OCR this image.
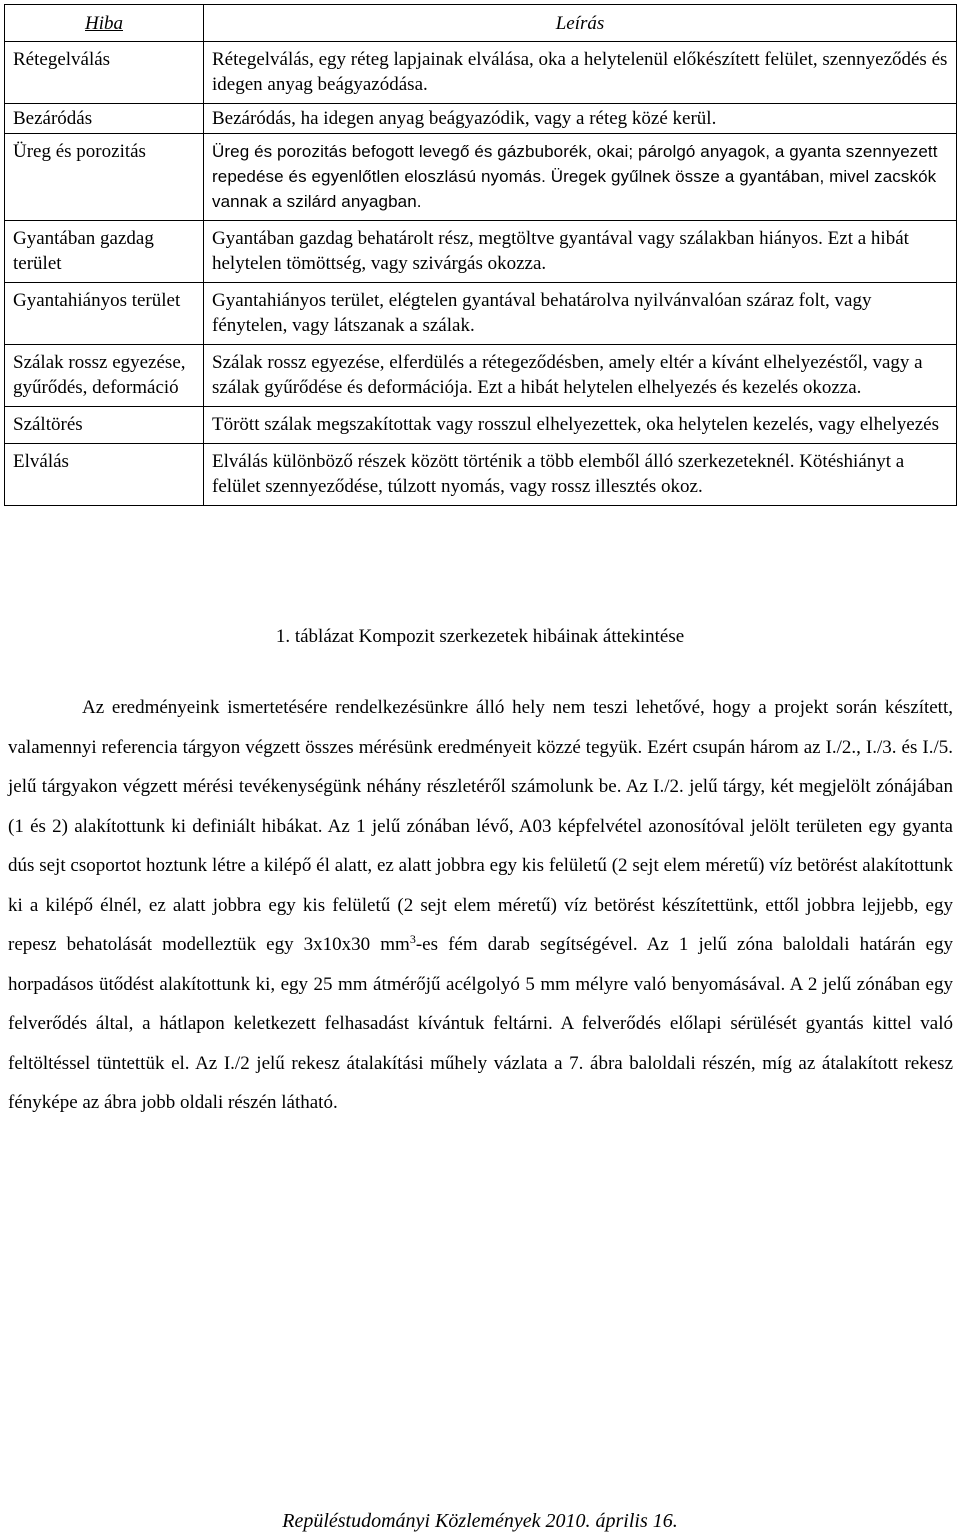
Hiba	Leírás
Rétegelválás	Rétegelválás, egy réteg lapjainak elválása, oka a helytelenül előkészített felület, szennyeződés és idegen anyag beágyazódása.
Bezáródás	Bezáródás, ha idegen anyag beágyazódik, vagy a réteg közé kerül.
Üreg és porozitás	Üreg és porozitás befogott levegő és gázbuborék, okai; párolgó anyagok, a gyanta szennyezett repedése és egyenlőtlen eloszlású nyomás. Üregek gyűlnek össze a gyantában, mivel zacskók vannak a szilárd anyagban.
Gyantában gazdag terület	Gyantában gazdag behatárolt rész, megtöltve gyantával vagy szálakban hiányos. Ezt a hibát helytelen tömöttség, vagy szivárgás okozza.
Gyantahiányos terület	Gyantahiányos terület, elégtelen gyantával behatárolva nyilvánvalóan száraz folt, vagy fénytelen, vagy látszanak a szálak.
Szálak rossz egyezése, gyűrődés, deformáció	Szálak rossz egyezése, elferdülés a rétegeződésben, amely eltér a kívánt elhelyezéstől, vagy a szálak gyűrődése és deformációja. Ezt a hibát helytelen elhelyezés és kezelés okozza.
Száltörés	Törött szálak megszakítottak vagy rosszul elhelyezettek, oka helytelen kezelés, vagy elhelyezés
Elválás	Elválás különböző részek között történik a több elemből álló szerkezeteknél. Kötéshiányt a felület szennyeződése, túlzott nyomás, vagy rossz illesztés okoz.
1. táblázat Kompozit szerkezetek hibáinak áttekintése

Az eredményeink ismertetésére rendelkezésünkre álló hely nem teszi lehetővé, hogy a projekt során készített, valamennyi referencia tárgyon végzett összes mérésünk eredményeit közzé tegyük. Ezért csupán három az I./2., I./3. és I./5. jelű tárgyakon végzett mérési tevékenységünk néhány részletéről számolunk be. Az I./2. jelű tárgy, két megjelölt zónájában (1 és 2) alakítottunk ki definiált hibákat. Az 1 jelű zónában lévő, A03 képfelvétel azonosítóval jelölt területen egy gyanta dús sejt csoportot hoztunk létre a kilépő él alatt, ez alatt jobbra egy kis felületű (2 sejt elem méretű) víz betörést alakítottunk ki a kilépő élnél, ez alatt jobbra egy kis felületű (2 sejt elem méretű) víz betörést készítettünk, ettől jobbra lejjebb, egy repesz behatolását modelleztük egy 3x10x30 $mm^3-es$ fém darab segítségével. Az 1 jelű zóna baloldali határán egy horpadásos ütődést alakítottunk ki, egy 25 mm átmérőjű acélgolyó 5 mm mélyre való benyomásával. A 2 jelű zónában egy felverődés által, a hátlapon keletkezett felhasadást kívántuk feltárni. A felverődés előlapi sérülését gyantás kittel való feltöltéssel tüntettük el. Az I./2 jelű rekesz átalakítási műhely vázlata a 7. ábra baloldali részén, míg az átalakított rekesz fényképe az ábra jobb oldali részén látható.

Repüléstudományi Közlemények 2010. április 16.
